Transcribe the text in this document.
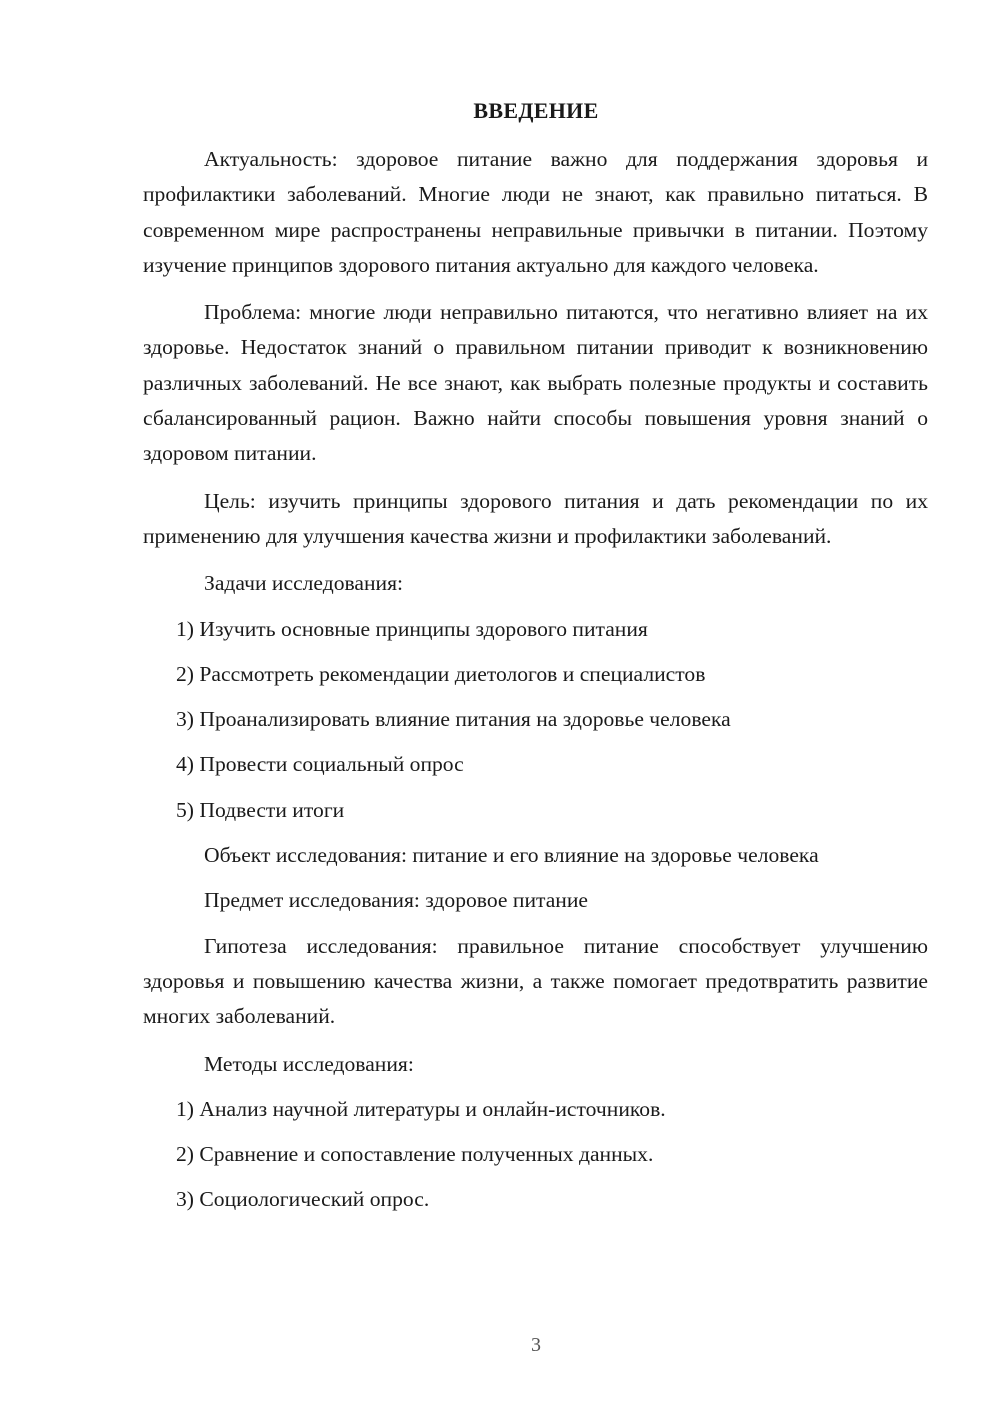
ВВЕДЕНИЕ

Актуальность: здоровое питание важно для поддержания здоровья и профилактики заболеваний. Многие люди не знают, как правильно питаться. В современном мире распространены неправильные привычки в питании. Поэтому изучение принципов здорового питания актуально для каждого человека.

Проблема: многие люди неправильно питаются, что негативно влияет на их здоровье. Недостаток знаний о правильном питании приводит к возникновению различных заболеваний. Не все знают, как выбрать полезные продукты и составить сбалансированный рацион. Важно найти способы повышения уровня знаний о здоровом питании.

Цель: изучить принципы здорового питания и дать рекомендации по их применению для улучшения качества жизни и профилактики заболеваний.

Задачи исследования:
1) Изучить основные принципы здорового питания
2) Рассмотреть рекомендации диетологов и специалистов
3) Проанализировать влияние питания на здоровье человека
4) Провести социальный опрос
5) Подвести итоги
Объект исследования: питание и его влияние на здоровье человека
Предмет исследования: здоровое питание

Гипотеза исследования: правильное питание способствует улучшению здоровья и повышению качества жизни, а также помогает предотвратить развитие многих заболеваний.

Методы исследования:
1) Анализ научной литературы и онлайн-источников.
2) Сравнение и сопоставление полученных данных.
3) Социологический опрос.
3
